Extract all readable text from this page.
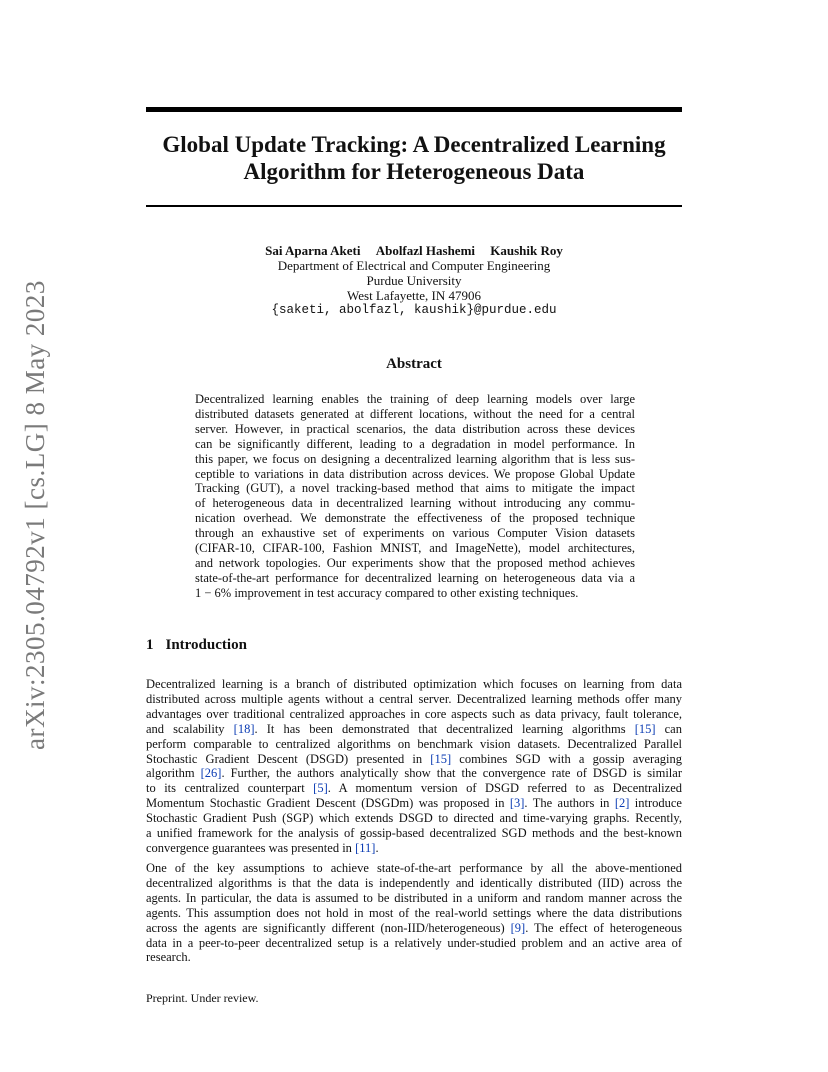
arXiv:2305.04792v1 [cs.LG] 8 May 2023
Global Update Tracking: A Decentralized Learning
Algorithm for Heterogeneous Data
Sai Aparna Aketi Abolfazl Hashemi Kaushik Roy
Department of Electrical and Computer Engineering
Purdue University
West Lafayette, IN 47906
{saketi, abolfazl, kaushik}@purdue.edu
Abstract
Decentralized learning enables the training of deep learning models over large
distributed datasets generated at different locations, without the need for a central
server. However, in practical scenarios, the data distribution across these devices
can be significantly different, leading to a degradation in model performance. In
this paper, we focus on designing a decentralized learning algorithm that is less sus-
ceptible to variations in data distribution across devices. We propose Global Update
Tracking (GUT), a novel tracking-based method that aims to mitigate the impact
of heterogeneous data in decentralized learning without introducing any commu-
nication overhead. We demonstrate the effectiveness of the proposed technique
through an exhaustive set of experiments on various Computer Vision datasets
(CIFAR-10, CIFAR-100, Fashion MNIST, and ImageNette), model architectures,
and network topologies. Our experiments show that the proposed method achieves
state-of-the-art performance for decentralized learning on heterogeneous data via a
1 − 6% improvement in test accuracy compared to other existing techniques.
1 Introduction
Decentralized learning is a branch of distributed optimization which focuses on learning from data
distributed across multiple agents without a central server. Decentralized learning methods offer many
advantages over traditional centralized approaches in core aspects such as data privacy, fault tolerance,
and scalability [18]. It has been demonstrated that decentralized learning algorithms [15] can
perform comparable to centralized algorithms on benchmark vision datasets. Decentralized Parallel
Stochastic Gradient Descent (DSGD) presented in [15] combines SGD with a gossip averaging
algorithm [26]. Further, the authors analytically show that the convergence rate of DSGD is similar
to its centralized counterpart [5]. A momentum version of DSGD referred to as Decentralized
Momentum Stochastic Gradient Descent (DSGDm) was proposed in [3]. The authors in [2] introduce
Stochastic Gradient Push (SGP) which extends DSGD to directed and time-varying graphs. Recently,
a unified framework for the analysis of gossip-based decentralized SGD methods and the best-known
convergence guarantees was presented in [11].
One of the key assumptions to achieve state-of-the-art performance by all the above-mentioned
decentralized algorithms is that the data is independently and identically distributed (IID) across the
agents. In particular, the data is assumed to be distributed in a uniform and random manner across the
agents. This assumption does not hold in most of the real-world settings where the data distributions
across the agents are significantly different (non-IID/heterogeneous) [9]. The effect of heterogeneous
data in a peer-to-peer decentralized setup is a relatively under-studied problem and an active area of
research.

Preprint. Under review.
